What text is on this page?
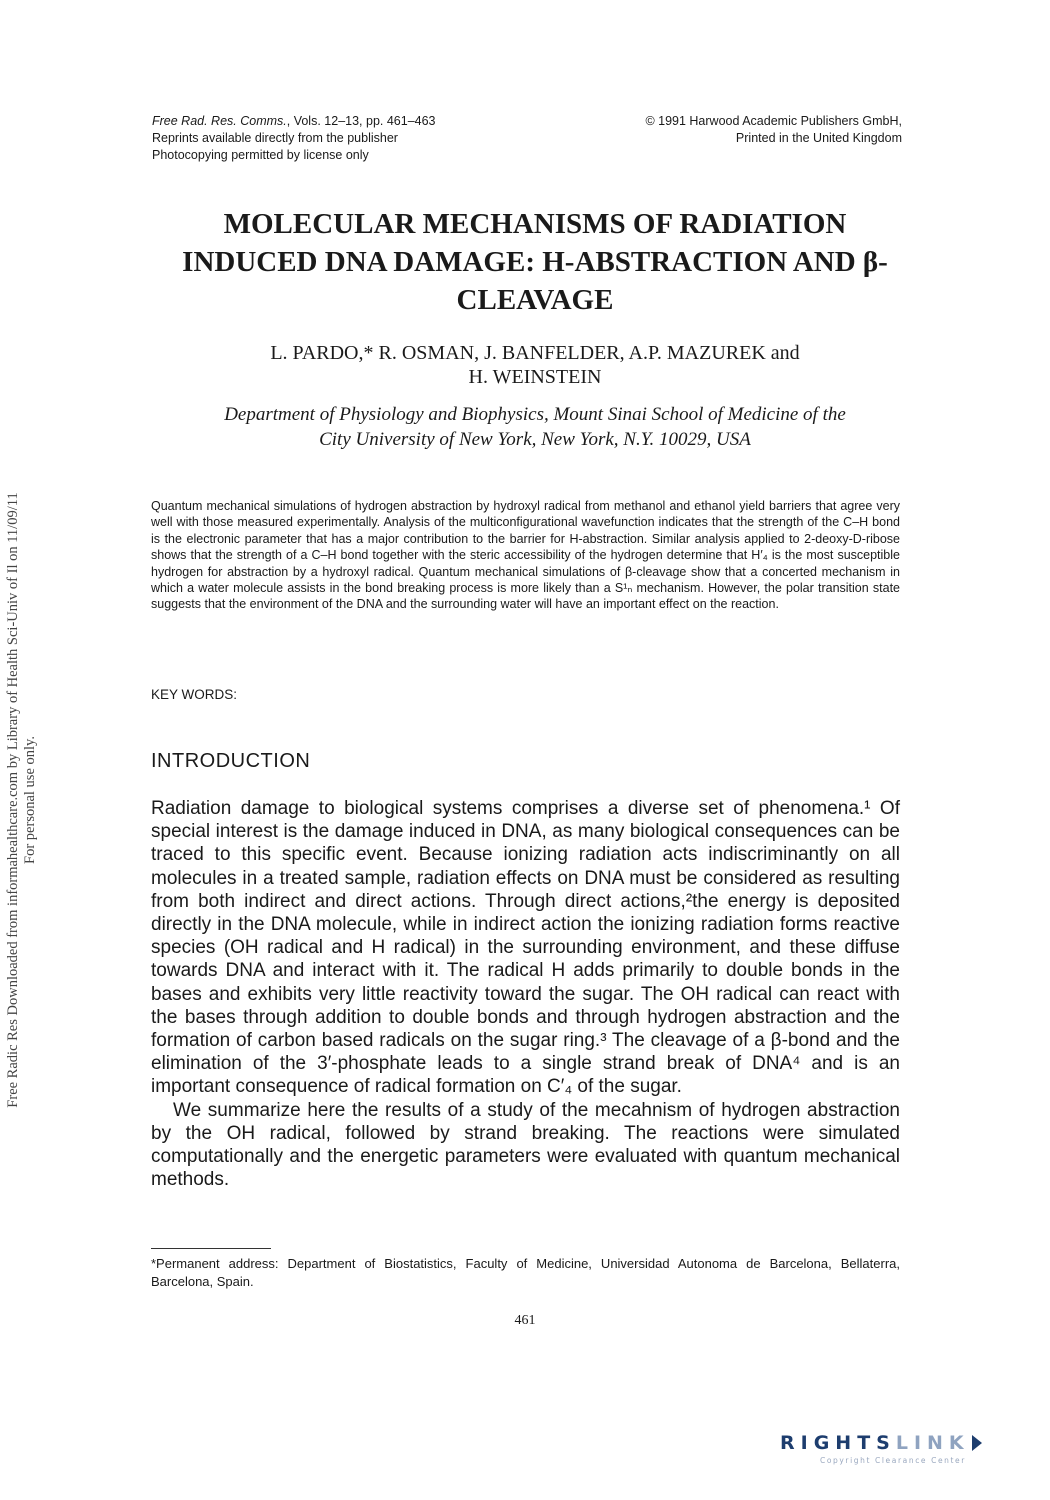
Free Rad. Res. Comms., Vols. 12–13, pp. 461–463
Reprints available directly from the publisher
Photocopying permitted by license only
© 1991 Harwood Academic Publishers GmbH,
Printed in the United Kingdom
MOLECULAR MECHANISMS OF RADIATION
INDUCED DNA DAMAGE: H-ABSTRACTION AND β-
CLEAVAGE
L. PARDO,* R. OSMAN, J. BANFELDER, A.P. MAZUREK and
H. WEINSTEIN
Department of Physiology and Biophysics, Mount Sinai School of Medicine of the
City University of New York, New York, N.Y. 10029, USA
Quantum mechanical simulations of hydrogen abstraction by hydroxyl radical from methanol and ethanol yield barriers that agree very well with those measured experimentally. Analysis of the multiconfigurational wavefunction indicates that the strength of the C–H bond is the electronic parameter that has a major contribution to the barrier for H-abstraction. Similar analysis applied to 2-deoxy-D-ribose shows that the strength of a C–H bond together with the steric accessibility of the hydrogen determine that H′₄ is the most susceptible hydrogen for abstraction by a hydroxyl radical. Quantum mechanical simulations of β-cleavage show that a concerted mechanism in which a water molecule assists in the bond breaking process is more likely than a S¹ₙ mechanism. However, the polar transition state suggests that the environment of the DNA and the surrounding water will have an important effect on the reaction.
KEY WORDS:
INTRODUCTION

Radiation damage to biological systems comprises a diverse set of phenomena.¹ Of special interest is the damage induced in DNA, as many biological consequences can be traced to this specific event. Because ionizing radiation acts indiscriminantly on all molecules in a treated sample, radiation effects on DNA must be considered as resulting from both indirect and direct actions. Through direct actions,²the energy is deposited directly in the DNA molecule, while in indirect action the ionizing radiation forms reactive species (OH radical and H radical) in the surrounding environment, and these diffuse towards DNA and interact with it. The radical H adds primarily to double bonds in the bases and exhibits very little reactivity toward the sugar. The OH radical can react with the bases through addition to double bonds and through hydrogen abstraction and the formation of carbon based radicals on the sugar ring.³ The cleavage of a β-bond and the elimination of the 3′-phosphate leads to a single strand break of DNA⁴ and is an important consequence of radical formation on C′₄ of the sugar.

We summarize here the results of a study of the mecahnism of hydrogen abstraction by the OH radical, followed by strand breaking. The reactions were simulated computationally and the energetic parameters were evaluated with quantum mechanical methods.

*Permanent address: Department of Biostatistics, Faculty of Medicine, Universidad Autonoma de Barcelona, Bellaterra, Barcelona, Spain.
461
Free Radic Res Downloaded from informahealthcare.com by Library of Health Sci-Univ of Il on 11/09/11 For personal use only.
RIGHTSLINK
Copyright Clearance Center
